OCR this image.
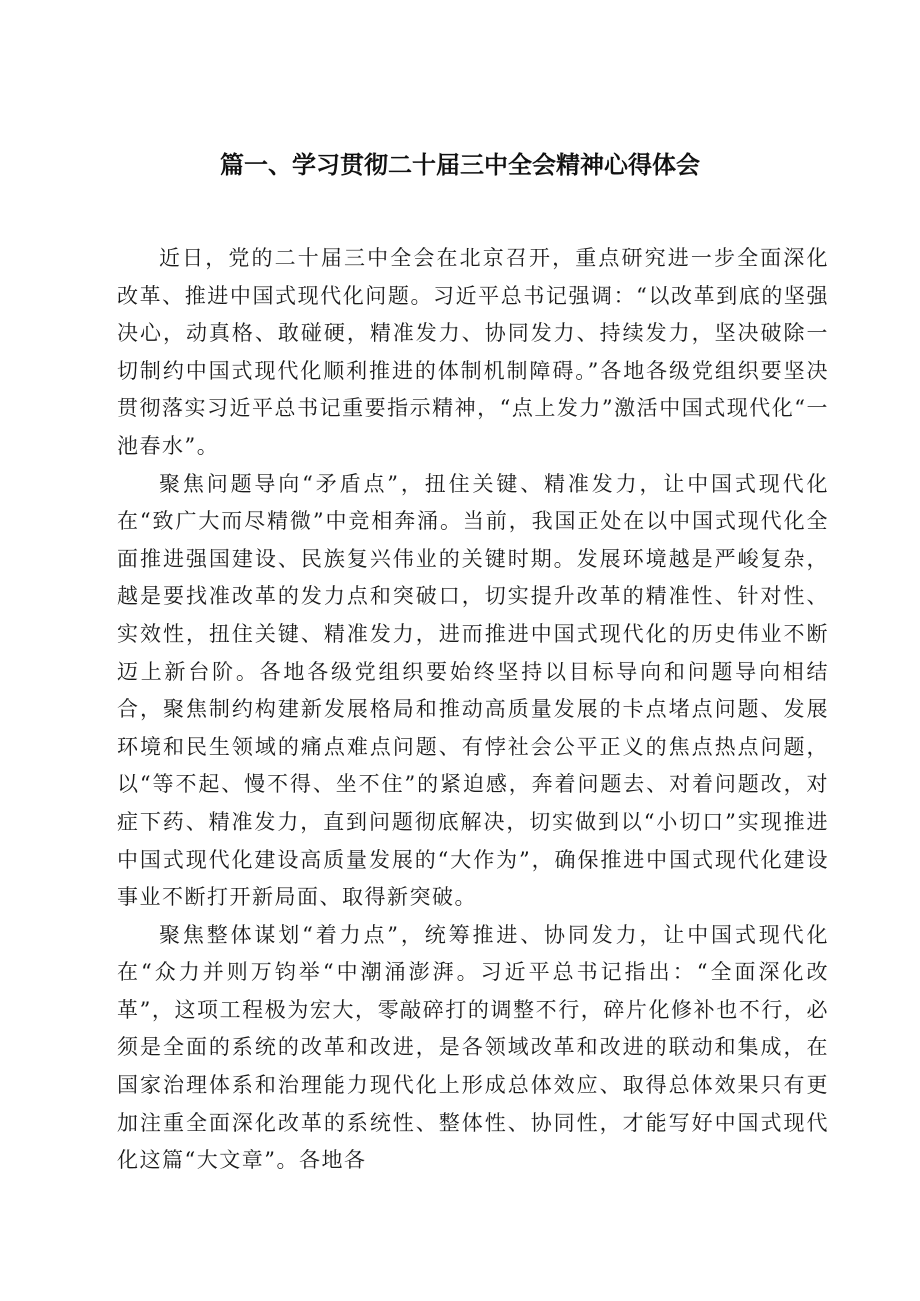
篇一、学习贯彻二十届三中全会精神心得体会

近日，党的二十届三中全会在北京召开，重点研究进一步全面深化改革、推进中国式现代化问题。习近平总书记强调：“以改革到底的坚强决心，动真格、敢碰硬，精准发力、协同发力、持续发力，坚决破除一切制约中国式现代化顺利推进的体制机制障碍。”各地各级党组织要坚决贯彻落实习近平总书记重要指示精神，“点上发力”激活中国式现代化“一池春水”。

聚焦问题导向“矛盾点”，扭住关键、精准发力，让中国式现代化在“致广大而尽精微”中竞相奔涌。当前，我国正处在以中国式现代化全面推进强国建设、民族复兴伟业的关键时期。发展环境越是严峻复杂，越是要找准改革的发力点和突破口，切实提升改革的精准性、针对性、实效性，扭住关键、精准发力，进而推进中国式现代化的历史伟业不断迈上新台阶。各地各级党组织要始终坚持以目标导向和问题导向相结合，聚焦制约构建新发展格局和推动高质量发展的卡点堵点问题、发展环境和民生领域的痛点难点问题、有悖社会公平正义的焦点热点问题，以“等不起、慢不得、坐不住”的紧迫感，奔着问题去、对着问题改，对症下药、精准发力，直到问题彻底解决，切实做到以“小切口”实现推进中国式现代化建设高质量发展的“大作为”，确保推进中国式现代化建设事业不断打开新局面、取得新突破。

聚焦整体谋划“着力点”，统筹推进、协同发力，让中国式现代化在“众力并则万钧举“中潮涌澎湃。习近平总书记指出：“全面深化改革”，这项工程极为宏大，零敲碎打的调整不行，碎片化修补也不行，必须是全面的系统的改革和改进，是各领域改革和改进的联动和集成，在国家治理体系和治理能力现代化上形成总体效应、取得总体效果只有更加注重全面深化改革的系统性、整体性、协同性，才能写好中国式现代化这篇“大文章”。各地各
